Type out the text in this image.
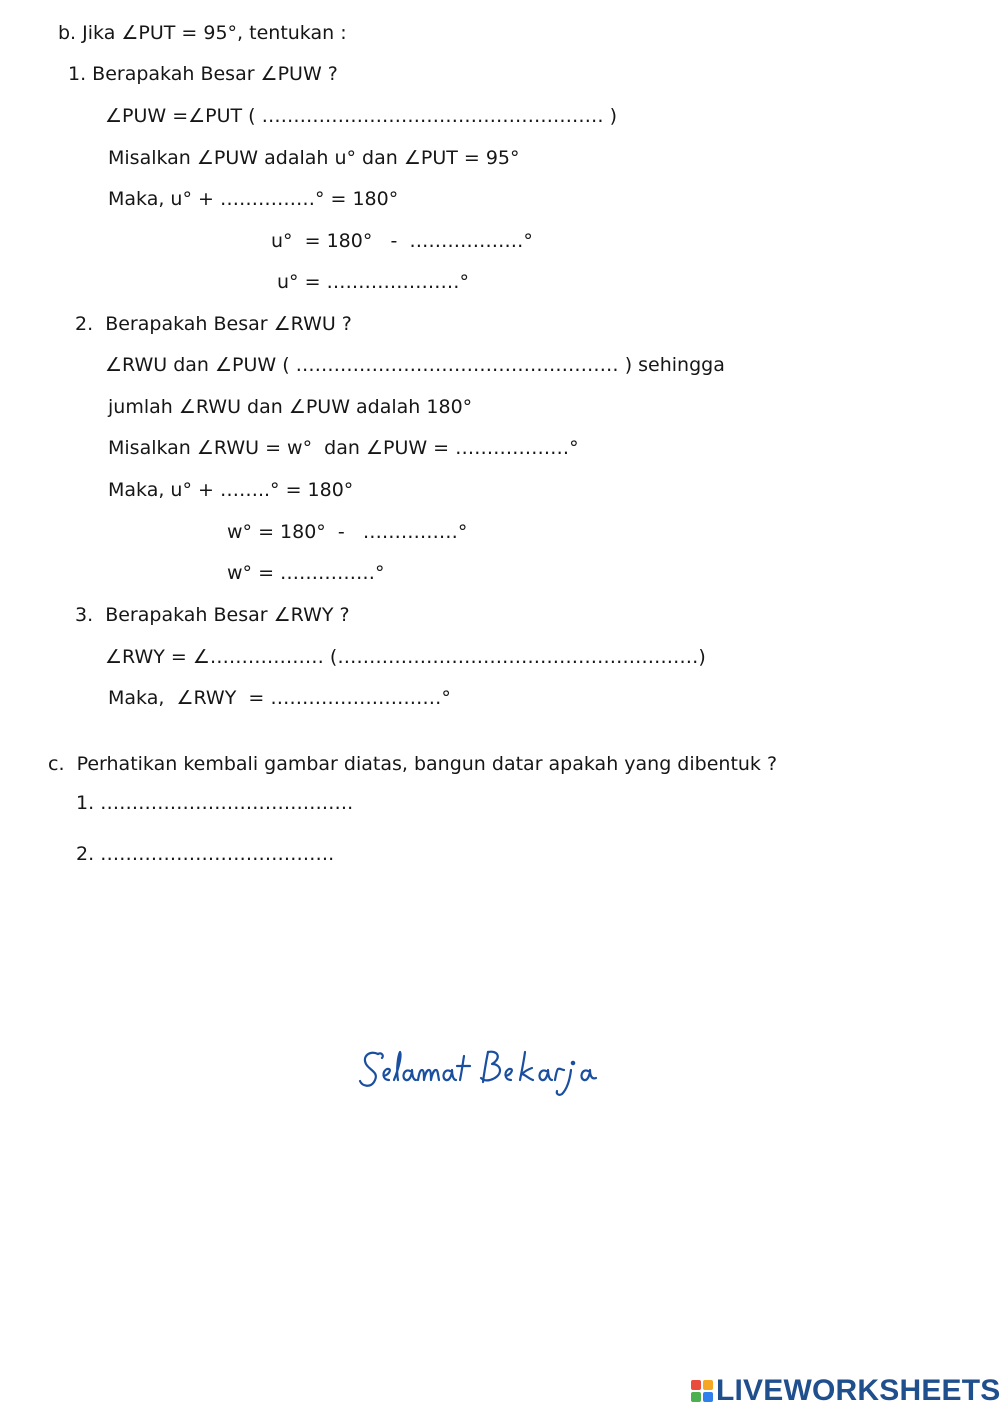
b. Jika ∠PUT = 95°, tentukan :
1. Berapakah Besar ∠PUW ?
∠PUW =∠PUT ( ……………………………………………… )
Misalkan ∠PUW adalah u° dan ∠PUT = 95°
Maka, u° + ……………° = 180°
u°  = 180°   -  ………………°
u° = …………………°
2.  Berapakah Besar ∠RWU ?
∠RWU dan ∠PUW ( …………………………………………… ) sehingga
jumlah ∠RWU dan ∠PUW adalah 180°
Misalkan ∠RWU = w°  dan ∠PUW = ………………°
Maka, u° + ……..° = 180°
w° = 180°  -   ……………°
w° = ……………°
3.  Berapakah Besar ∠RWY ?
∠RWY = ∠……………… (…………………………………………………)
Maka,  ∠RWY  = ………………………°
c.  Perhatikan kembali gambar diatas, bangun datar apakah yang dibentuk ?
1. ………………………………….
2. ……………………………….
LIVEWORKSHEETS
